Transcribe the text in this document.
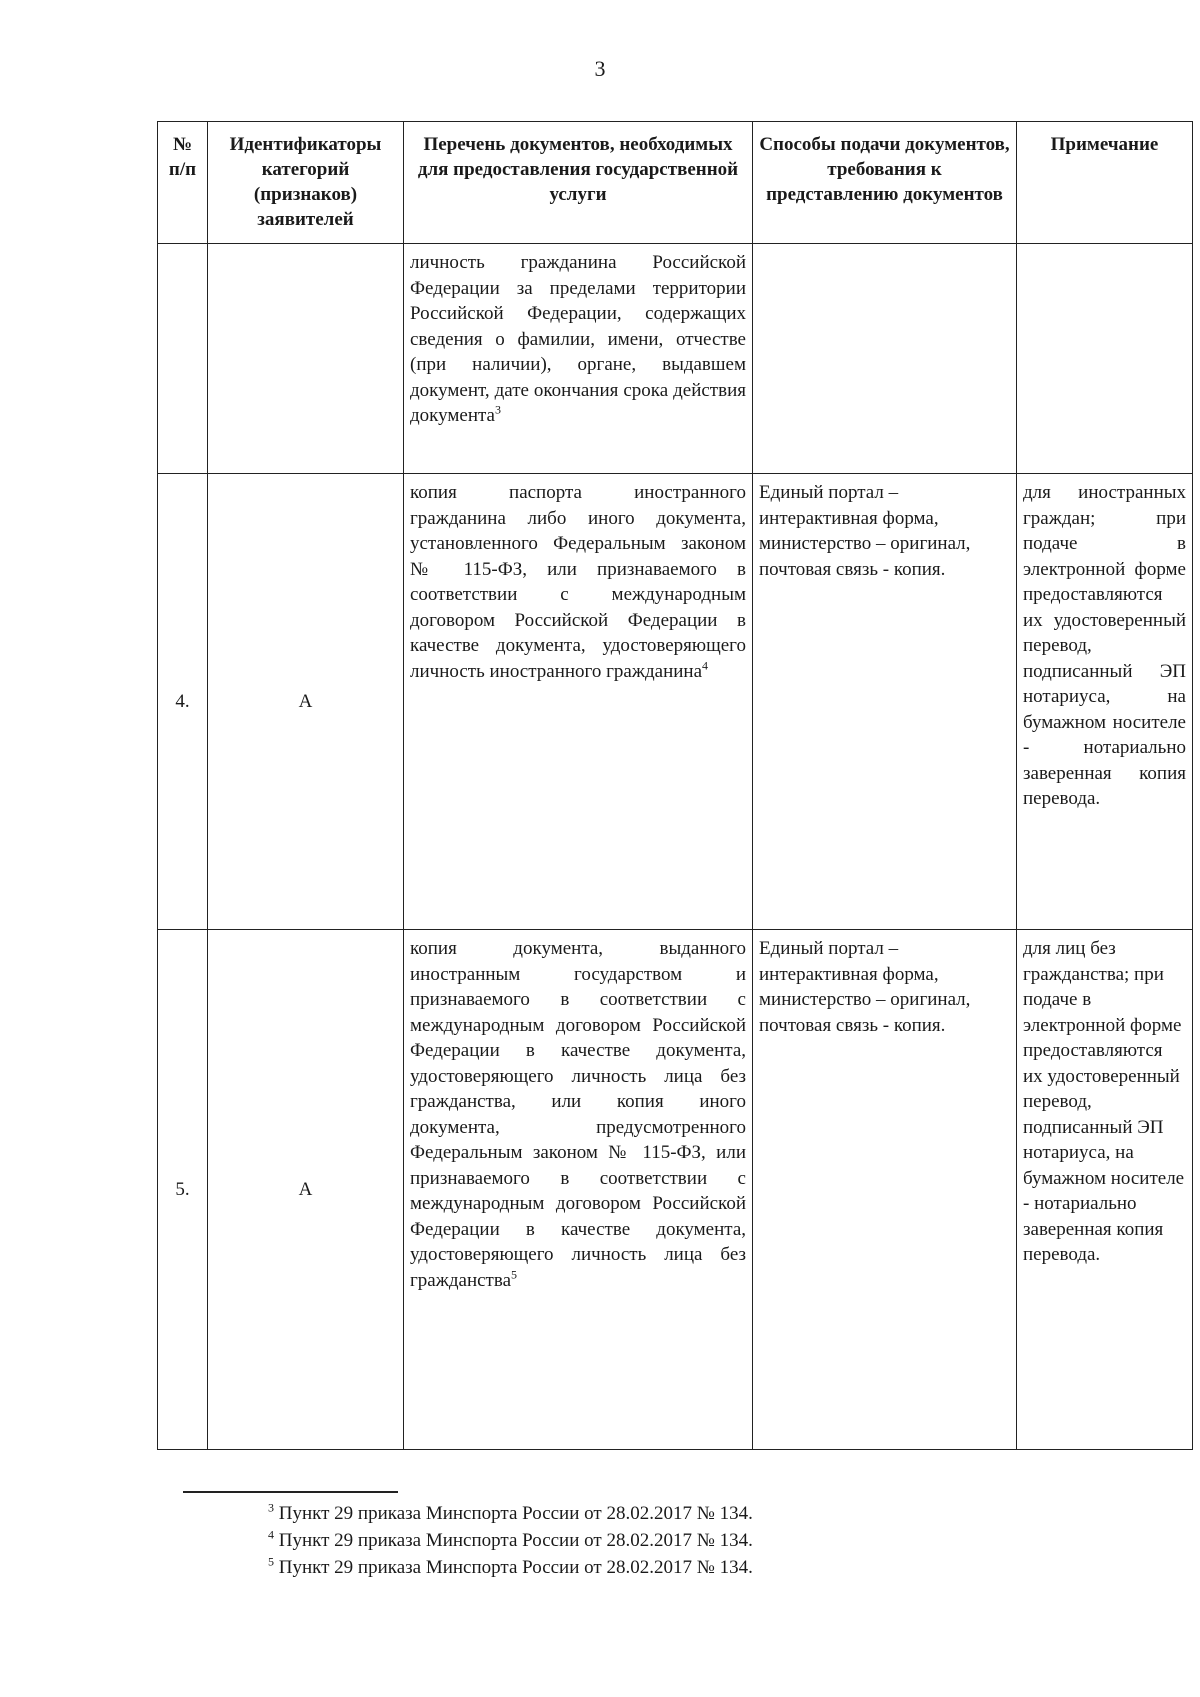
3
№ п/п	Идентификаторы категорий (признаков) заявителей	Перечень документов, необходимых для предоставления государственной услуги	Способы подачи документов, требования к представлению документов	Примечание
		личность гражданина Российской Федерации за пределами территории Российской Федерации, содержащих сведения о фамилии, имени, отчестве (при наличии), органе, выдавшем документ, дате окончания срока действия документа$^3$		
4.	А	копия паспорта иностранного гражданина либо иного документа, установленного Федеральным законом № 115-ФЗ, или признаваемого в соответствии с международным договором Российской Федерации в качестве документа, удостоверяющего личность иностранного гражданина$^4$	Единый портал – интерактивная форма, министерство – оригинал, почтовая связь - копия.	для иностранных граждан; при подаче в электронной форме предоставляются их удостоверенный перевод, подписанный ЭП нотариуса, на бумажном носителе - нотариально заверенная копия перевода.
5.	А	копия документа, выданного иностранным государством и признаваемого в соответствии с международным договором Российской Федерации в качестве документа, удостоверяющего личность лица без гражданства, или копия иного документа, предусмотренного Федеральным законом № 115-ФЗ, или признаваемого в соответствии с международным договором Российской Федерации в качестве документа, удостоверяющего личность лица без гражданства$^5$	Единый портал – интерактивная форма, министерство – оригинал, почтовая связь - копия.	для лиц без гражданства; при подаче в электронной форме предоставляются их удостоверенный перевод, подписанный ЭП нотариуса, на бумажном носителе - нотариально заверенная копия перевода.
$^3$ Пункт 29 приказа Минспорта России от 28.02.2017 № 134.
$^4$ Пункт 29 приказа Минспорта России от 28.02.2017 № 134.
$^5$ Пункт 29 приказа Минспорта России от 28.02.2017 № 134.
